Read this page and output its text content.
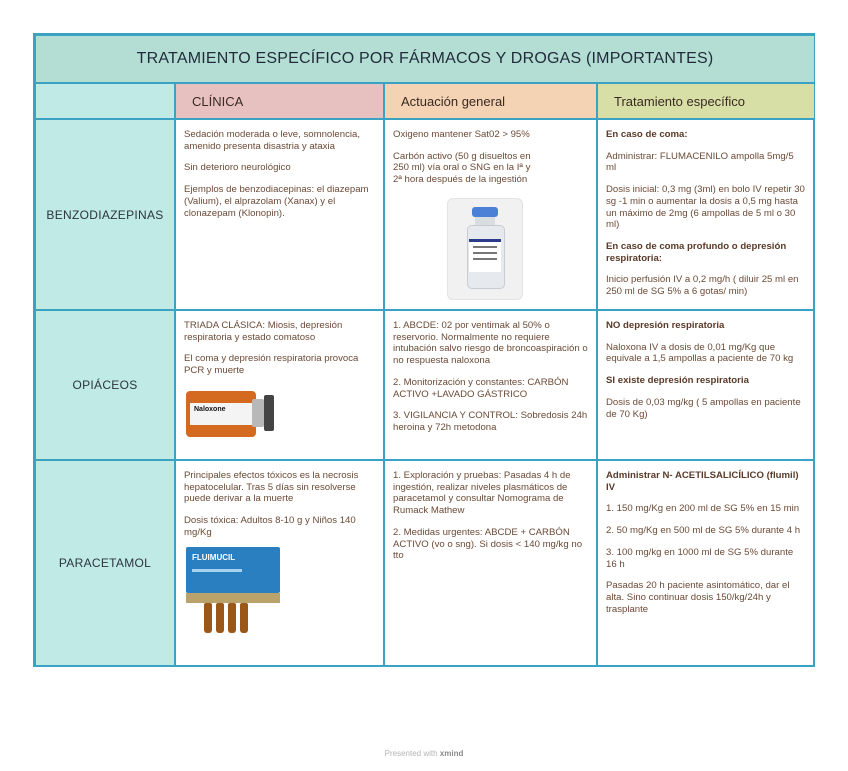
TRATAMIENTO ESPECÍFICO POR FÁRMACOS Y DROGAS (IMPORTANTES)
CLÍNICA	Actuación general	Tratamiento específico
BENZODIAZEPINAS

Sedación moderada o leve, somnolencia, amenido presenta disastria y ataxia

Sin deterioro neurológico

Ejemplos de benzodiacepinas: el diazepam (Valium), el alprazolam (Xanax) y el clonazepam (Klonopin).

Oxigeno mantener Sat02 > 95%

Carbón activo (50 g disueltos en 250 ml) vía oral o SNG en la Iª y 2ª hora después de la ingestión

En caso de coma:

Administrar: FLUMACENILO ampolla 5mg/5 ml

Dosis inicial: 0,3 mg (3ml) en bolo IV repetir 30 sg -1 min o aumentar la dosis a 0,5 mg hasta un máximo de 2mg (6 ampollas de 5 ml o 30 ml)

En caso de coma profundo o depresión respiratoria:

Inicio perfusión IV a 0,2 mg/h ( diluir 25 ml en 250 ml de SG 5% a 6 gotas/ min)

OPIÁCEOS

TRIADA CLÁSICA: Miosis, depresión respiratoria y estado comatoso

El coma y depresión respiratoria provoca PCR y muerte

Naloxone

1. ABCDE: 02 por ventimak al 50% o reservorio. Normalmente no requiere intubación salvo riesgo de broncoaspiración o no respuesta naloxona

2. Monitorización y constantes: CARBÓN ACTIVO +LAVADO GÁSTRICO

3. VIGILANCIA Y CONTROL: Sobredosis 24h heroina y 72h metodona

NO depresión respiratoria

Naloxona IV a dosis de 0,01 mg/Kg que equivale a 1,5 ampollas a paciente de 70 kg

SI existe depresión respiratoria

Dosis de 0,03 mg/kg ( 5 ampollas en paciente de 70 Kg)

PARACETAMOL

Principales efectos tóxicos es la necrosis hepatocelular. Tras 5 días sin resolverse puede derivar a la muerte

Dosis tóxica: Adultos 8-10 g y Niños 140 mg/Kg

FLUIMUCIL

1. Exploración y pruebas: Pasadas 4 h de ingestión, realizar niveles plasmáticos de paracetamol y consultar Nomograma de Rumack Mathew

2. Medidas urgentes: ABCDE + CARBÓN ACTIVO (vo o sng). Si dosis < 140 mg/kg no tto

Administrar N- ACETILSALICÍLICO (flumil) IV

1. 150 mg/Kg en 200 ml de SG 5% en 15 min

2. 50 mg/Kg en 500 ml de SG 5% durante 4 h

3. 100 mg/kg en 1000 ml de SG 5% durante 16 h

Pasadas 20 h paciente asintomático, dar el alta. Sino continuar dosis 150/kg/24h y trasplante

Presented with xmind
